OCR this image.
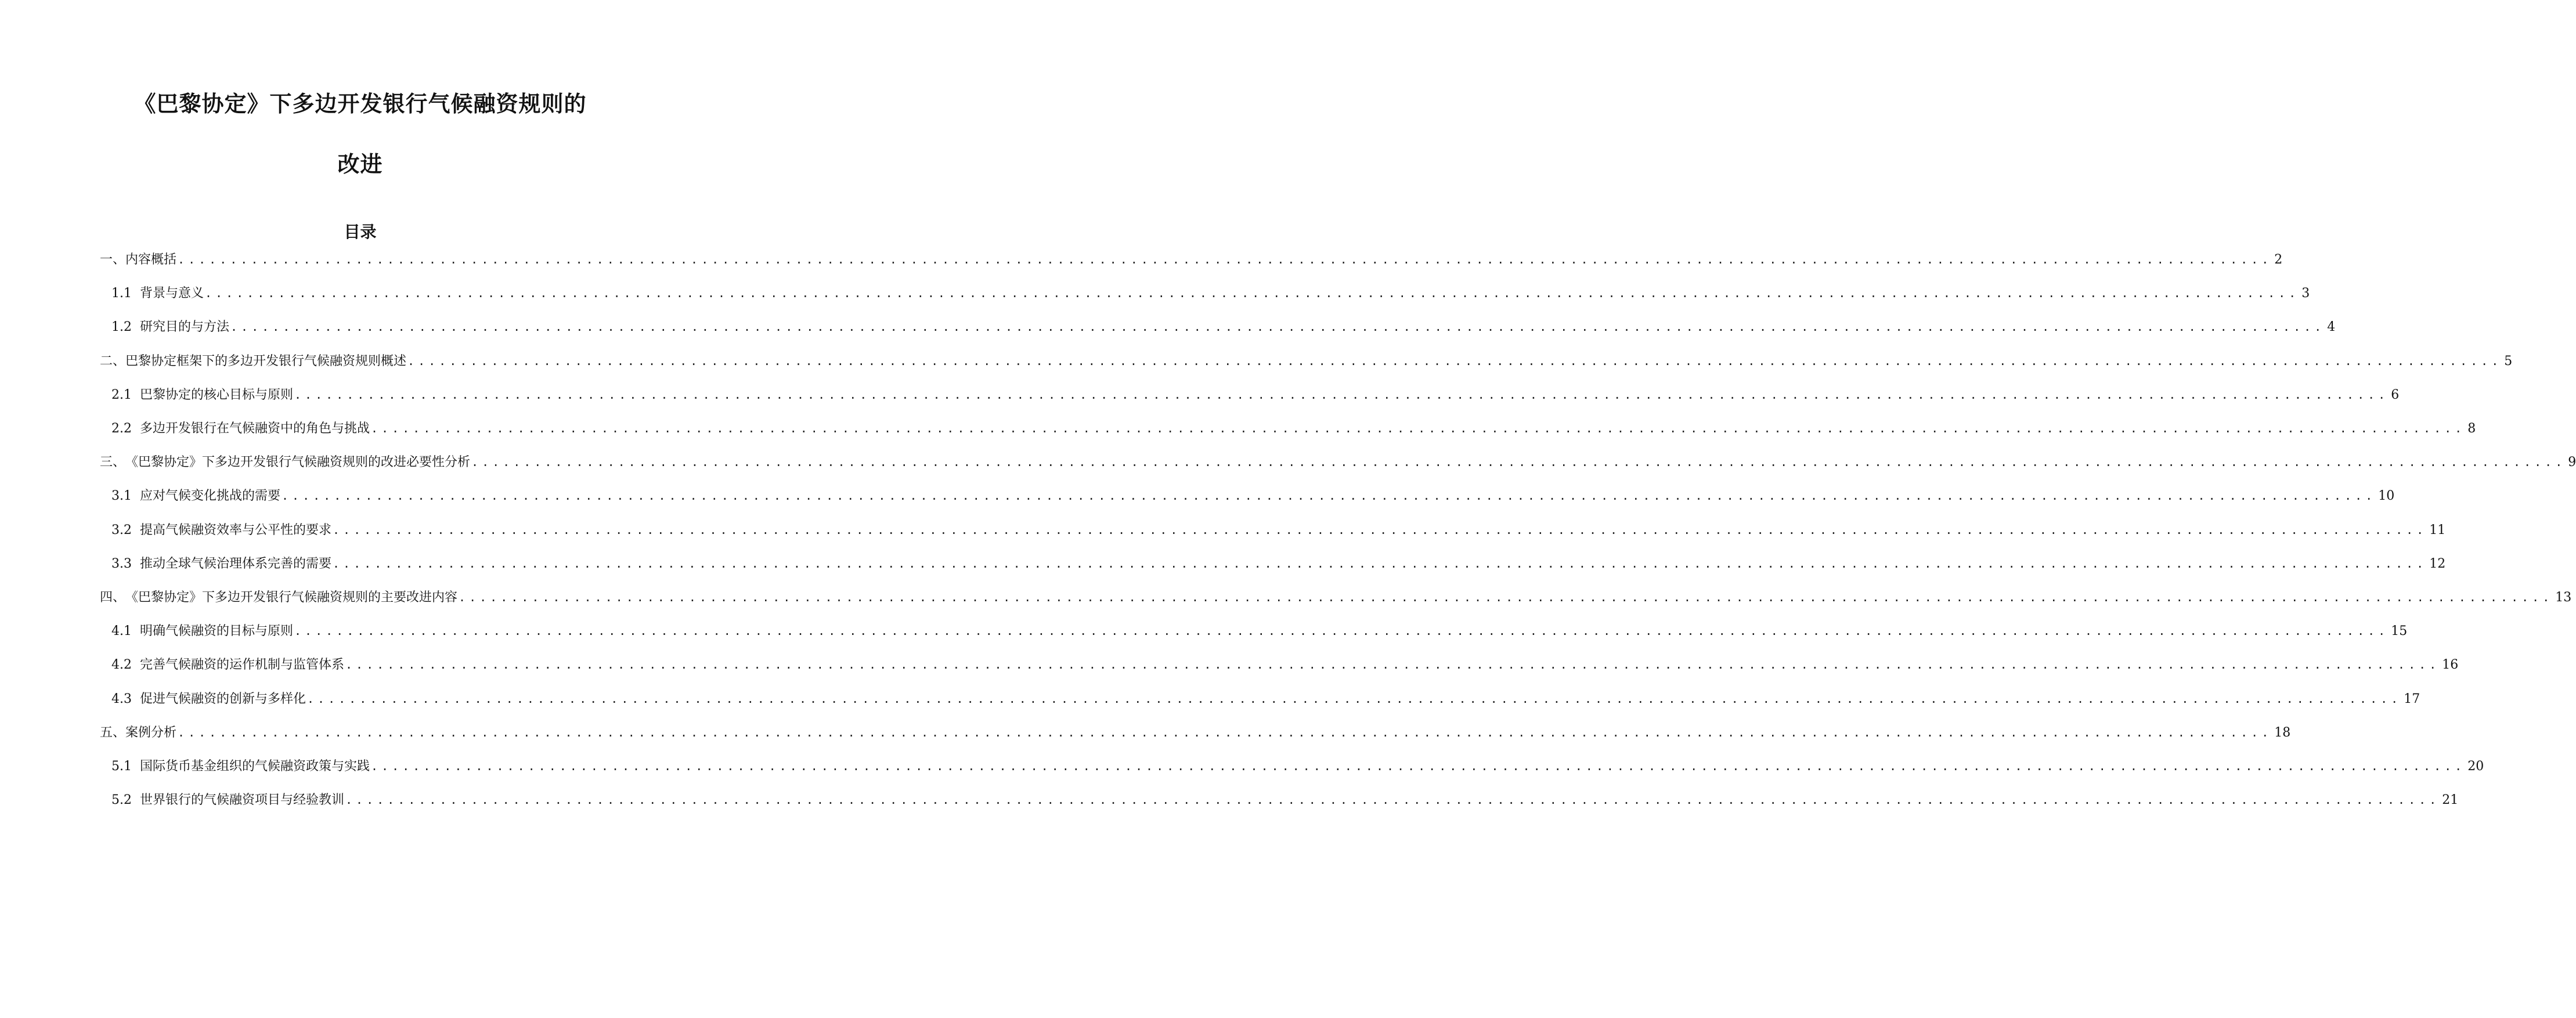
《巴黎协定》下多边开发银行气候融资规则的
改进
目录
一、 内容概括 ........................................................................................................................................................................................................ 2
1.1 背景与意义 ........................................................................................................................................................................................................ 3
1.2 研究目的与方法 ........................................................................................................................................................................................................ 4
二、 巴黎协定框架下的多边开发银行气候融资规则概述 ........................................................................................................................................................................................................ 5
2.1 巴黎协定的核心目标与原则 ........................................................................................................................................................................................................ 6
2.2 多边开发银行在气候融资中的角色与挑战 ........................................................................................................................................................................................................ 8
三、 《巴黎协定》下多边开发银行气候融资规则的改进必要性分析 ........................................................................................................................................................................................................ 9
3.1 应对气候变化挑战的需要 ........................................................................................................................................................................................................ 10
3.2 提高气候融资效率与公平性的要求 ........................................................................................................................................................................................................ 11
3.3 推动全球气候治理体系完善的需要 ........................................................................................................................................................................................................ 12
四、 《巴黎协定》下多边开发银行气候融资规则的主要改进内容 ........................................................................................................................................................................................................ 13
4.1 明确气候融资的目标与原则 ........................................................................................................................................................................................................ 15
4.2 完善气候融资的运作机制与监管体系 ........................................................................................................................................................................................................ 16
4.3 促进气候融资的创新与多样化 ........................................................................................................................................................................................................ 17
五、 案例分析 ........................................................................................................................................................................................................ 18
5.1 国际货币基金组织的气候融资政策与实践 ........................................................................................................................................................................................................ 20
5.2 世界银行的气候融资项目与经验教训 ........................................................................................................................................................................................................ 21
